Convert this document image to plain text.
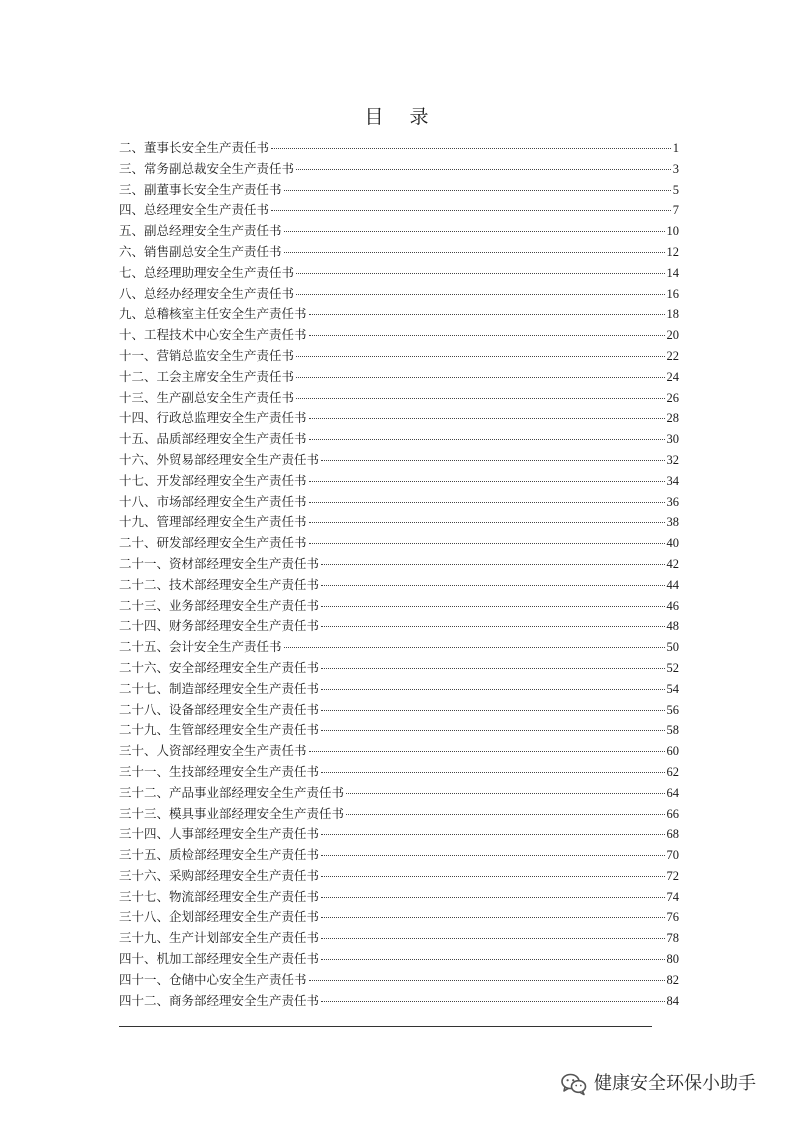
目 录
二、董事长安全生产责任书	1
三、常务副总裁安全生产责任书	3
三、副董事长安全生产责任书	5
四、总经理安全生产责任书	7
五、副总经理安全生产责任书	10
六、销售副总安全生产责任书	12
七、总经理助理安全生产责任书	14
八、总经办经理安全生产责任书	16
九、总稽核室主任安全生产责任书	18
十、工程技术中心安全生产责任书	20
十一、营销总监安全生产责任书	22
十二、工会主席安全生产责任书	24
十三、生产副总安全生产责任书	26
十四、行政总监理安全生产责任书	28
十五、品质部经理安全生产责任书	30
十六、外贸易部经理安全生产责任书	32
十七、开发部经理安全生产责任书	34
十八、市场部经理安全生产责任书	36
十九、管理部经理安全生产责任书	38
二十、研发部经理安全生产责任书	40
二十一、资材部经理安全生产责任书	42
二十二、技术部经理安全生产责任书	44
二十三、业务部经理安全生产责任书	46
二十四、财务部经理安全生产责任书	48
二十五、会计安全生产责任书	50
二十六、安全部经理安全生产责任书	52
二十七、制造部经理安全生产责任书	54
二十八、设备部经理安全生产责任书	56
二十九、生管部经理安全生产责任书	58
三十、人资部经理安全生产责任书	60
三十一、生技部经理安全生产责任书	62
三十二、产品事业部经理安全生产责任书	64
三十三、模具事业部经理安全生产责任书	66
三十四、人事部经理安全生产责任书	68
三十五、质检部经理安全生产责任书	70
三十六、采购部经理安全生产责任书	72
三十七、物流部经理安全生产责任书	74
三十八、企划部经理安全生产责任书	76
三十九、生产计划部安全生产责任书	78
四十、机加工部经理安全生产责任书	80
四十一、仓储中心安全生产责任书	82
四十二、商务部经理安全生产责任书	84
健康安全环保小助手
